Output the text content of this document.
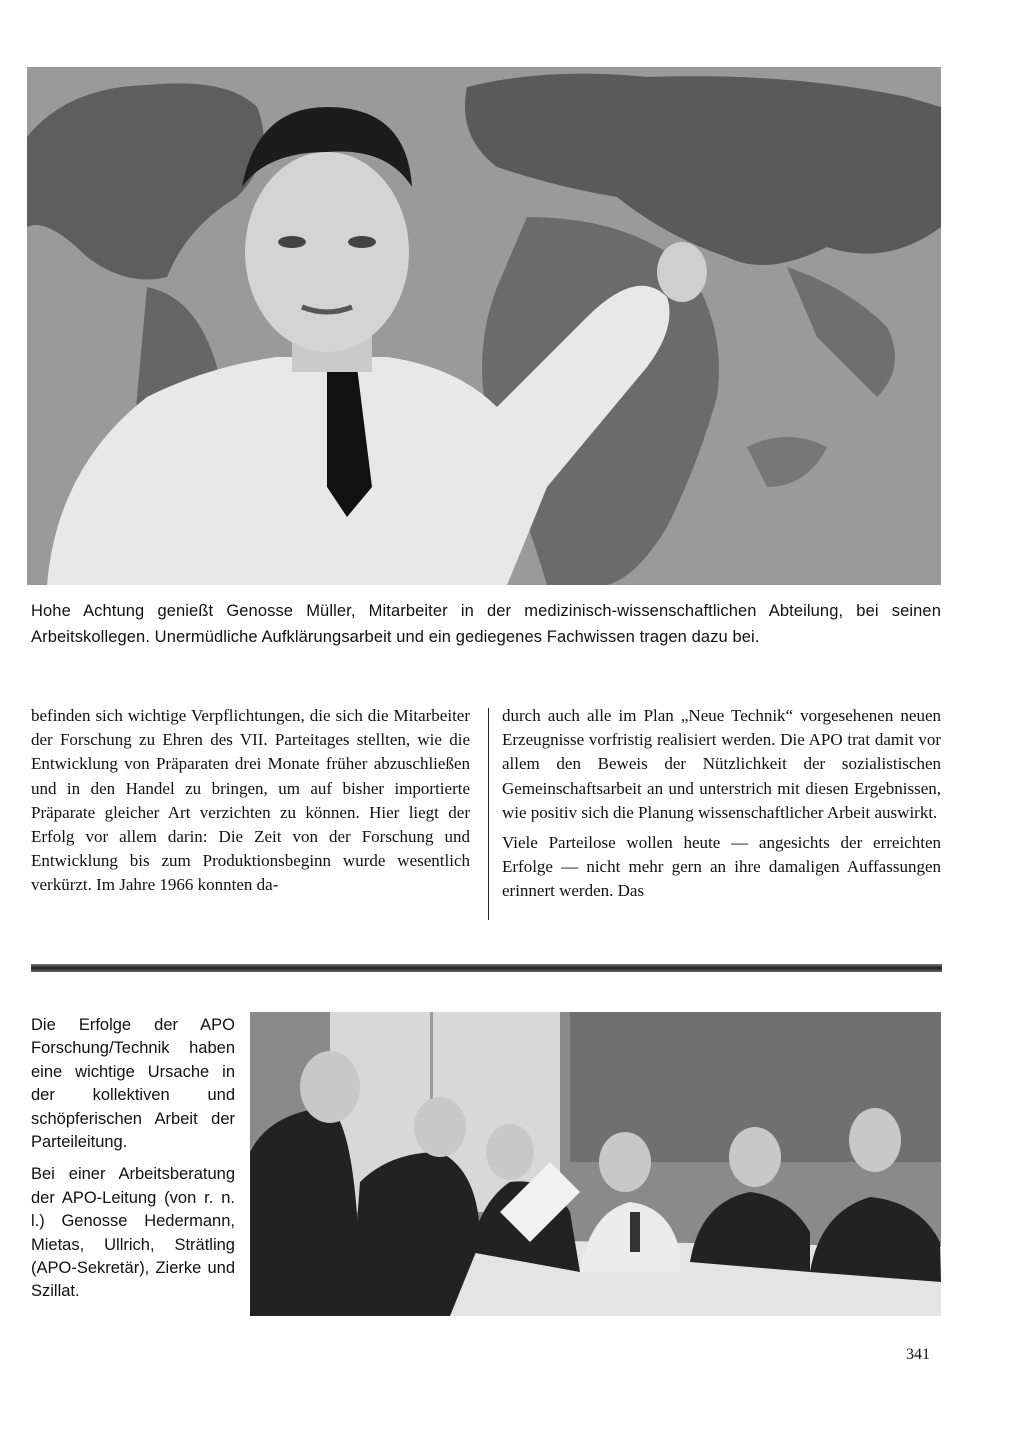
Hohe Achtung genießt Genosse Müller, Mitarbeiter in der medizinisch-wissenschaftlichen Abteilung, bei seinen Arbeitskollegen. Unermüdliche Aufklärungsarbeit und ein gediegenes Fachwissen tragen dazu bei.

befinden sich wichtige Verpflichtungen, die sich die Mitarbeiter der Forschung zu Ehren des VII. Parteitages stellten, wie die Entwicklung von Präparaten drei Monate früher abzuschließen und in den Handel zu bringen, um auf bisher importierte Präparate gleicher Art verzichten zu können. Hier liegt der Erfolg vor allem darin: Die Zeit von der Forschung und Entwicklung bis zum Produktionsbeginn wurde wesentlich verkürzt. Im Jahre 1966 konnten da-

durch auch alle im Plan „Neue Technik“ vorgesehenen neuen Erzeugnisse vorfristig realisiert werden. Die APO trat damit vor allem den Beweis der Nützlichkeit der sozialistischen Gemeinschaftsarbeit an und unterstrich mit diesen Ergebnissen, wie positiv sich die Planung wissenschaftlicher Arbeit auswirkt.

Viele Parteilose wollen heute — angesichts der erreichten Erfolge — nicht mehr gern an ihre damaligen Auffassungen erinnert werden. Das

Die Erfolge der APO Forschung/Technik haben eine wichtige Ursache in der kollektiven und schöpferischen Arbeit der Parteileitung.

Bei einer Arbeitsberatung der APO-Leitung (von r. n. l.) Genosse Hedermann, Mietas, Ullrich, Strätling (APO-Sekretär), Zierke und Szillat.

341
